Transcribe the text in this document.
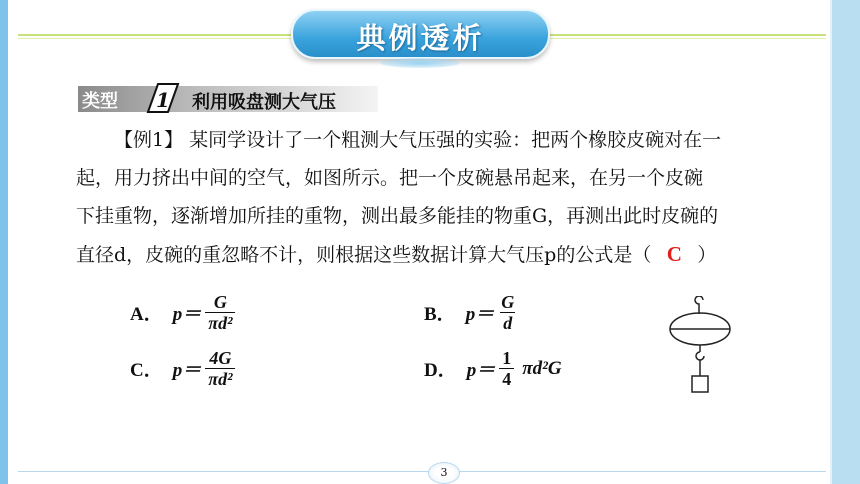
典例透析
类型 1 利用吸盘测大气压

【例1】 某同学设计了一个粗测大气压强的实验：把两个橡胶皮碗对在一

起，用力挤出中间的空气，如图所示。把一个皮碗悬吊起来，在另一个皮碗

下挂重物，逐渐增加所挂的重物，测出最多能挂的物重G，再测出此时皮碗的

直径d，皮碗的重忽略不计，则根据这些数据计算大气压p的公式是（ C ）

A． $p= \frac{G}{\text{πd²}}$	B． $p= \frac{G}{d}$
C． $p= \frac{4G}{\text{πd²}}$	D． $p= \frac{1}{4} \pi d^2G$
3
